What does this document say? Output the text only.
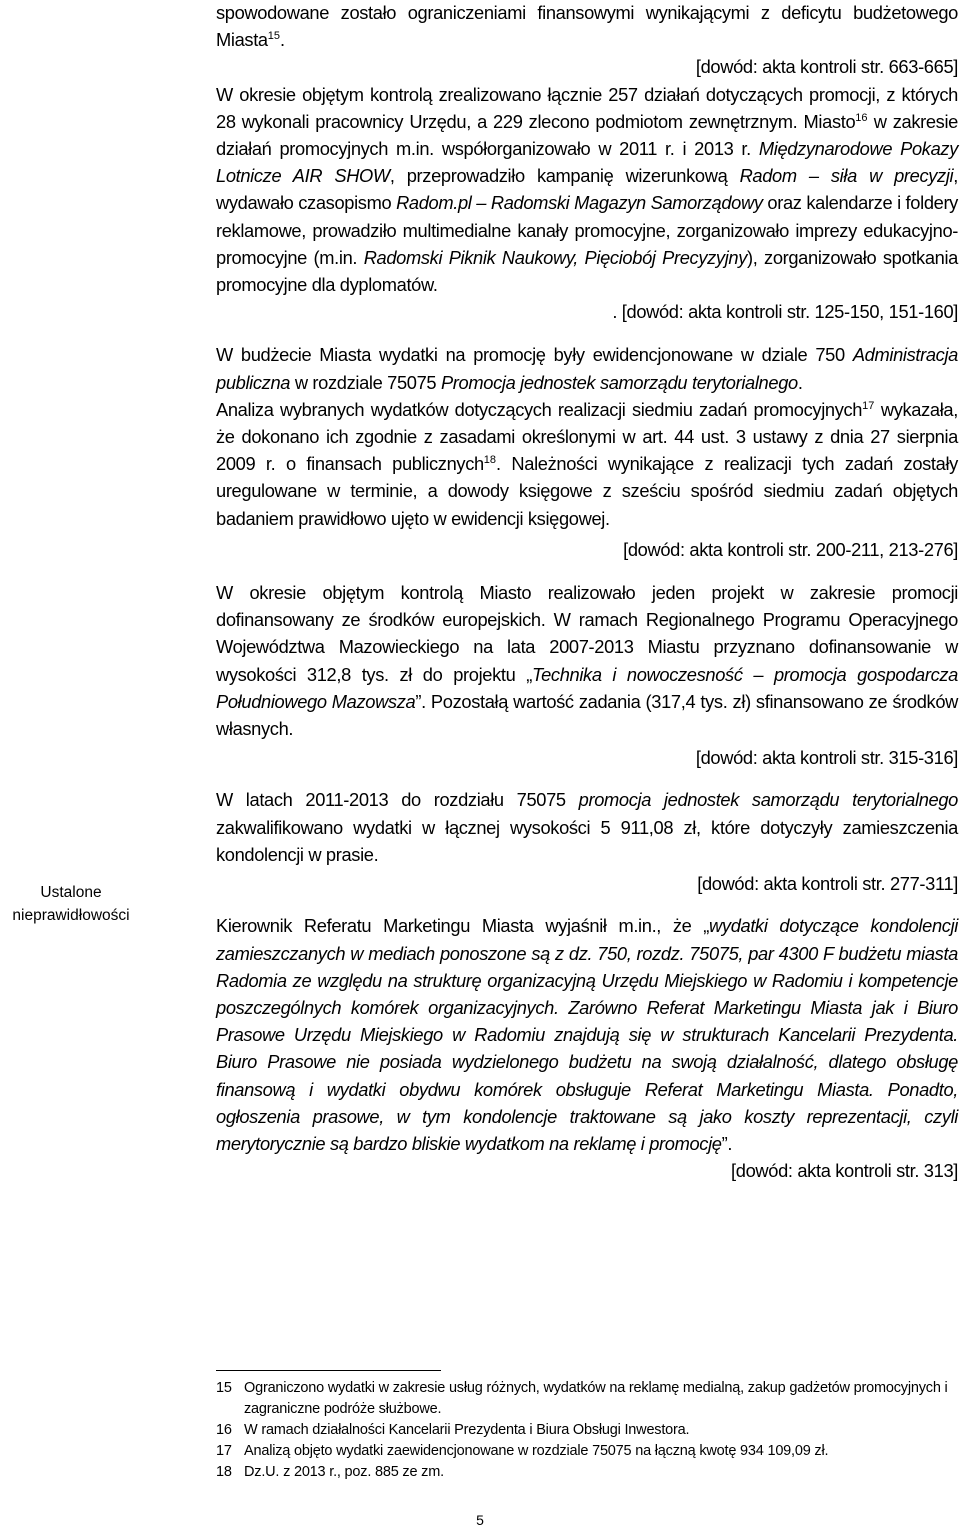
Ustalone
nieprawidłowości

spowodowane zostało ograniczeniami finansowymi wynikającymi z deficytu budżetowego Miasta$^{15}$.

[dowód: akta kontroli str. 663-665]

W okresie objętym kontrolą zrealizowano łącznie 257 działań dotyczących promocji, z których 28 wykonali pracownicy Urzędu, a 229 zlecono podmiotom zewnętrznym. Miasto$^{16}$ w zakresie działań promocyjnych m.in. współorganizowało w 2011 r. i 2013 r. Międzynarodowe Pokazy Lotnicze AIR SHOW, przeprowadziło kampanię wizerunkową Radom – siła w precyzji, wydawało czasopismo Radom.pl – Radomski Magazyn Samorządowy oraz kalendarze i foldery reklamowe, prowadziło multimedialne kanały promocyjne, zorganizowało imprezy edukacyjno-promocyjne (m.in. Radomski Piknik Naukowy, Pięciobój Precyzyjny), zorganizowało spotkania promocyjne dla dyplomatów.

. [dowód: akta kontroli str. 125-150, 151-160]

W budżecie Miasta wydatki na promocję były ewidencjonowane w dziale 750 Administracja publiczna w rozdziale 75075 Promocja jednostek samorządu terytorialnego.

Analiza wybranych wydatków dotyczących realizacji siedmiu zadań promocyjnych$^{17}$ wykazała, że dokonano ich zgodnie z zasadami określonymi w art. 44 ust. 3 ustawy z dnia 27 sierpnia 2009 r. o finansach publicznych$^{18}$. Należności wynikające z realizacji tych zadań zostały uregulowane w terminie, a dowody księgowe z sześciu spośród siedmiu zadań objętych badaniem prawidłowo ujęto w ewidencji księgowej.

[dowód: akta kontroli str. 200-211, 213-276]

W okresie objętym kontrolą Miasto realizowało jeden projekt w zakresie promocji dofinansowany ze środków europejskich. W ramach Regionalnego Programu Operacyjnego Województwa Mazowieckiego na lata 2007-2013 Miastu przyznano dofinansowanie w wysokości 312,8 tys. zł do projektu „Technika i nowoczesność – promocja gospodarcza Południowego Mazowsza”. Pozostałą wartość zadania (317,4 tys. zł) sfinansowano ze środków własnych.

[dowód: akta kontroli str. 315-316]

W latach 2011-2013 do rozdziału 75075 promocja jednostek samorządu terytorialnego zakwalifikowano wydatki w łącznej wysokości 5 911,08 zł, które dotyczyły zamieszczenia kondolencji w prasie.

[dowód: akta kontroli str. 277-311]

Kierownik Referatu Marketingu Miasta wyjaśnił m.in., że „wydatki dotyczące kondolencji zamieszczanych w mediach ponoszone są z dz. 750, rozdz. 75075, par 4300 F budżetu miasta Radomia ze względu na strukturę organizacyjną Urzędu Miejskiego w Radomiu i kompetencje poszczególnych komórek organizacyjnych. Zarówno Referat Marketingu Miasta jak i Biuro Prasowe Urzędu Miejskiego w Radomiu znajdują się w strukturach Kancelarii Prezydenta. Biuro Prasowe nie posiada wydzielonego budżetu na swoją działalność, dlatego obsługę finansową i wydatki obydwu komórek obsługuje Referat Marketingu Miasta. Ponadto, ogłoszenia prasowe, w tym kondolencje traktowane są jako koszty reprezentacji, czyli merytorycznie są bardzo bliskie wydatkom na reklamę i promocję”.

[dowód: akta kontroli str. 313]

15 Ograniczono wydatki w zakresie usług różnych, wydatków na reklamę medialną, zakup gadżetów promocyjnych i zagraniczne podróże służbowe.
16 W ramach działalności Kancelarii Prezydenta i Biura Obsługi Inwestora.
17 Analizą objęto wydatki zaewidencjonowane w rozdziale 75075 na łączną kwotę 934 109,09 zł.
18 Dz.U. z 2013 r., poz. 885 ze zm.
5
